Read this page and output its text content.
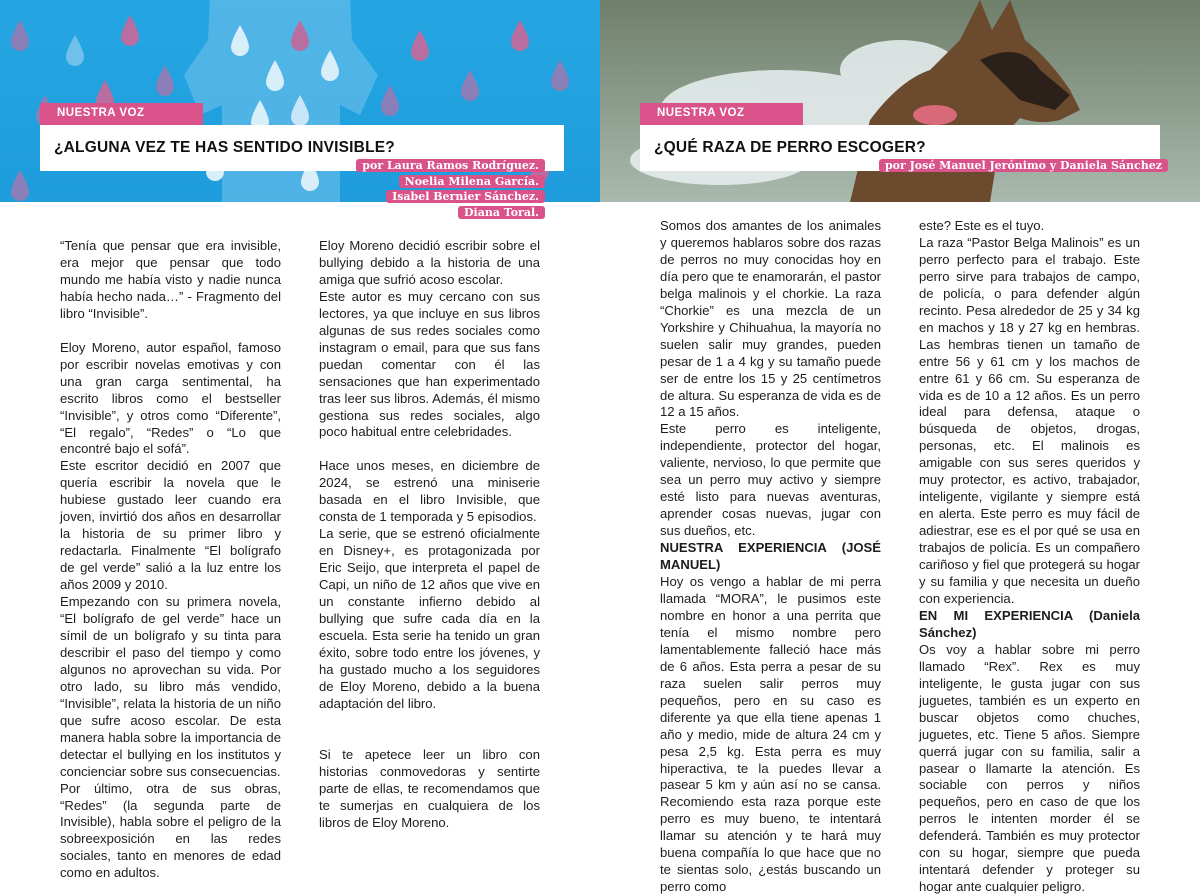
NUESTRA VOZ
¿ALGUNA VEZ TE HAS SENTIDO INVISIBLE?
por Laura Ramos Rodríguez.
Noelia Milena García.
Isabel Bernier Sánchez.
Diana Toral.

“Tenía que pensar que era invisible, era mejor que pensar que todo mundo me había visto y nadie nunca había hecho nada…” - Fragmento del libro “Invisible”.

Eloy Moreno, autor español, famoso por escribir novelas emotivas y con una gran carga sentimental, ha escrito libros como el bestseller “Invisible”, y otros como “Diferente”, “El regalo”, “Redes” o “Lo que encontré bajo el sofá”.

Este escritor decidió en 2007 que quería escribir la novela que le hubiese gustado leer cuando era joven, invirtió dos años en desarrollar la historia de su primer libro y redactarla. Finalmente “El bolígrafo de gel verde” salió a la luz entre los años 2009 y 2010.

Empezando con su primera novela, “El bolígrafo de gel verde” hace un símil de un bolígrafo y su tinta para describir el paso del tiempo y como algunos no aprovechan su vida. Por otro lado, su libro más vendido, “Invisible”, relata la historia de un niño que sufre acoso escolar. De esta manera habla sobre la importancia de detectar el bullying en los institutos y concienciar sobre sus consecuencias.

Por último, otra de sus obras, “Redes” (la segunda parte de Invisible), habla sobre el peligro de la sobreexposición en las redes sociales, tanto en menores de edad como en adultos.

Eloy Moreno decidió escribir sobre el bullying debido a la historia de una amiga que sufrió acoso escolar.

Este autor es muy cercano con sus lectores, ya que incluye en sus libros algunas de sus redes sociales como instagram o email, para que sus fans puedan comentar con él las sensaciones que han experimentado tras leer sus libros. Además, él mismo gestiona sus redes sociales, algo poco habitual entre celebridades.

Hace unos meses, en diciembre de 2024, se estrenó una miniserie basada en el libro Invisible, que consta de 1 temporada y 5 episodios.

La serie, que se estrenó oficialmente en Disney+, es protagonizada por Eric Seijo, que interpreta el papel de Capi, un niño de 12 años que vive en un constante infierno debido al bullying que sufre cada día en la escuela. Esta serie ha tenido un gran éxito, sobre todo entre los jóvenes, y ha gustado mucho a los seguidores de Eloy Moreno, debido a la buena adaptación del libro.

Si te apetece leer un libro con historias conmovedoras y sentirte parte de ellas, te recomendamos que te sumerjas en cualquiera de los libros de Eloy Moreno.

NUESTRA VOZ
¿QUÉ RAZA DE PERRO ESCOGER?
por José Manuel Jerónimo y Daniela Sánchez

Somos dos amantes de los animales y queremos hablaros sobre dos razas de perros no muy conocidas hoy en día pero que te enamorarán, el pastor belga malinois y el chorkie. La raza “Chorkie” es una mezcla de un Yorkshire y Chihuahua, la mayoría no suelen salir muy grandes, pueden pesar de 1 a 4 kg y su tamaño puede ser de entre los 15 y 25 centímetros de altura. Su esperanza de vida es de 12 a 15 años.

Este perro es inteligente, independiente, protector del hogar, valiente, nervioso, lo que permite que sea un perro muy activo y siempre esté listo para nuevas aventuras, aprender cosas nuevas, jugar con sus dueños, etc.

NUESTRA EXPERIENCIA (JOSÉ MANUEL)

Hoy os vengo a hablar de mi perra llamada “MORA”, le pusimos este nombre en honor a una perrita que tenía el mismo nombre pero lamentablemente falleció hace más de 6 años. Esta perra a pesar de su raza suelen salir perros muy pequeños, pero en su caso es diferente ya que ella tiene apenas 1 año y medio, mide de altura 24 cm y pesa 2,5 kg. Esta perra es muy hiperactiva, te la puedes llevar a pasear 5 km y aún así no se cansa. Recomiendo esta raza porque este perro es muy bueno, te intentará llamar su atención y te hará muy buena compañía lo que hace que no te sientas solo, ¿estás buscando un perro como

este? Este es el tuyo.

La raza “Pastor Belga Malinois” es un perro perfecto para el trabajo. Este perro sirve para trabajos de campo, de policía, o para defender algún recinto. Pesa alrededor de 25 y 34 kg en machos y 18 y 27 kg en hembras. Las hembras tienen un tamaño de entre 56 y 61 cm y los machos de entre 61 y 66 cm. Su esperanza de vida es de 10 a 12 años. Es un perro ideal para defensa, ataque o búsqueda de objetos, drogas, personas, etc. El malinois es amigable con sus seres queridos y muy protector, es activo, trabajador, inteligente, vigilante y siempre está en alerta. Este perro es muy fácil de adiestrar, ese es el por qué se usa en trabajos de policía. Es un compañero cariñoso y fiel que protegerá su hogar y su familia y que necesita un dueño con experiencia.

EN MI EXPERIENCIA (Daniela Sánchez)

Os voy a hablar sobre mi perro llamado “Rex”. Rex es muy inteligente, le gusta jugar con sus juguetes, también es un experto en buscar objetos como chuches, juguetes, etc. Tiene 5 años. Siempre querrá jugar con su familia, salir a pasear o llamarte la atención. Es sociable con perros y niños pequeños, pero en caso de que los perros le intenten morder él se defenderá. También es muy protector con su hogar, siempre que pueda intentará defender y proteger su hogar ante cualquier peligro.
